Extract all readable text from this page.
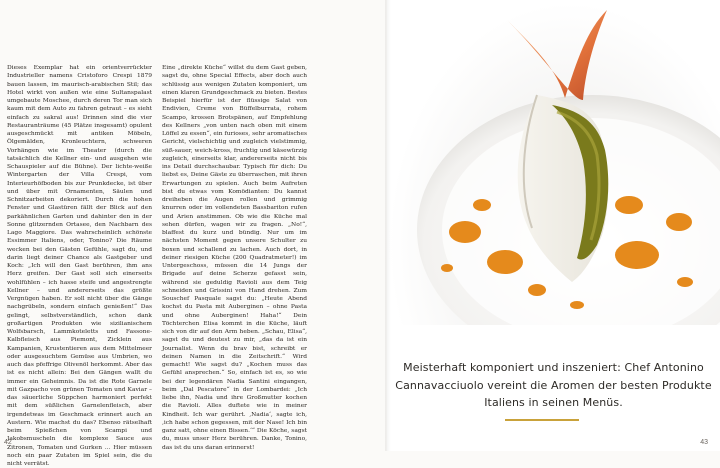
Dieses Exemplar hat ein orientverrückter Industrieller namens Cristoforo Crespi 1879 bauen lassen, im maurisch-arabischen Stil; das Hotel wirkt von außen wie eine Sultanspalast umgebaute Moschee, durch deren Tor man sich kaum mit dem Auto zu fahren getraut – es sieht einfach zu sakral aus! Drinnen sind die vier Restauranträume (45 Plätze insgesamt) opulent ausgeschmückt mit antiken Möbeln, Ölgemälden, Kronleuchtern, schweren Vorhängen wie im Theater (durch die tatsächlich die Kellner ein- und ausgehen wie Schauspieler auf die Bühne). Der lichte-weiße Wintergarten der Villa Crespi, vom Interieurhöfboden bis zur Prunkdecke, ist über und über mit Ornamenten, Säulen und Schnitzarbeiten dekoriert. Durch die hohen Fenster und Glastüren fällt der Blick auf den parkähnlichen Garten und dahinter den in der Sonne glitzernden Ortasee, den Nachbarn des Lago Maggiore. Das wahrscheinlich schönste Essimmer Italiens, oder, Tonino? Die Räume wecken bei den Gästen Gefühle, sagt du, und darin liegt deiner Chance als Gastgeber und Koch: „Ich will den Gast berühren, ihm ans Herz greifen. Der Gast soll sich einerseits wohlfühlen – ich hasse steife und angestrengte Kellner – und andererseits das größte Vergnügen haben. Er soll nicht über die Gänge nachgrübeln, sondern einfach genießen!“ Das gelingt, selbstverständlich, schon dank großartigen Produkten wie sizilianischem Wolfsbarsch, Lammkoteletts und Fassone-Kalbfleisch aus Piemont, Zicklein aus Kampanien, Krustentieren aus dem Mittelmeer oder ausgesuchtem Gemüse aus Umbrien, wo auch das pfeffrige Olivenöl herkommt. Aber das ist es nicht allein: Bei den Gängen wallt du immer ein Geheimnis. Da ist die Rote Garnele mit Gazpacho von grünen Tomaten und Kaviar – das säuerliche Süppchen harmoniert perfekt mit dem süßlichen Garnelenfleisch, aber irgendetwas im Geschmack erinnert auch an Austern. Wie machst du das? Ebenso rätselhaft beim Spießchen von Scampi und Jakobsmuscheln die komplexe Sauce aus Zitronen, Tomaten und Gurken … Hier müssen noch ein paar Zutaten im Spiel sein, die du nicht verrätst.

Eine „direkte Küche“ willst du dem Gast geben, sagst du, ohne Special Effects, aber doch auch schlüssig aus wenigen Zutaten komponiert, um einen klaren Grundgeschmack zu bieten. Bestes Beispiel hierfür ist der flüssige Salat von Endivien, Creme von Büffelburrata, rohem Scampo, krossen Brotspänen, auf Empfehlung des Kellners „von unten nach oben mit einem Löffel zu essen“, ein furioses, sehr aromatisches Gericht, vielschichtig und zugleich vielstimmig, süß-sauer, weich-kross, fruchtig und käsewürzig zugleich, einerseits klar, andererseits nicht bis ins Detail durchschaubar. Typisch für dich: Du liebst es, Deine Gäste zu überraschen, mit ihren Erwartungen zu spielen. Auch beim Aufreten bist du etwas vom Komödianten: Du kannst dreiheben die Augen rollen und grimmig knurren oder im vollendeten Bassbariton rufen und Arien anstimmen. Ob wie die Küche mal sehen dürfen, wagen wir zu fragen. „No!“, blaffest du kurz und bündig. Nur um im nächsten Moment gegen unsere Schulter zu boxen und schallend zu lachen. Auch dort, in deiner riesigen Küche (200 Quadratmeter!) im Untergeschoss, müssen die 14 Jungs der Brigade auf deine Scherze gefasst sein, während sie geduldig Ravioli aus dem Teig schneiden und Grissini von Hand drehen. Zum Souschef Pasquale sagst du: „Heute Abend kochst du Pasta mit Auberginen – ohne Pasta und ohne Auberginen! Haha!“ Dein Töchterchen Elisa kommt in die Küche, läuft sich von dir auf den Arm heben. „Schau, Elisa“, sagst du und deutest zu mir, „das da ist ein Journalist. Wenn du brav bist, schreibt er deinen Namen in die Zeitschrift.“ Wird gemacht! Wie sagst du? „Kochen muss das Gefühl ansprechen.“ So, einfach ist es, so wie bei der legendären Nadia Santini eingangen, beim „Dal Pescatore“ in der Lombardei: „Ich liebe ihn, Nadia und ihre Großmutter kochen die Ravioli. Alles duftete wie in meiner Kindheit. Ich war gerührt. ‚Nadia‘, sagte ich, ‚ich habe schon gegessen, mit der Nase! Ich bin ganz satt, ohne einen Bissen.‘“ Die Köche, sagst du, muss unser Herz berühren. Danke, Tonino, das ist du uns daran erinnerst!

42
Meisterhaft komponiert und inszeniert: Chef Antonino Cannavacciuolo vereint die Aromen der besten Produkte Italiens in seinen Menüs.
43
